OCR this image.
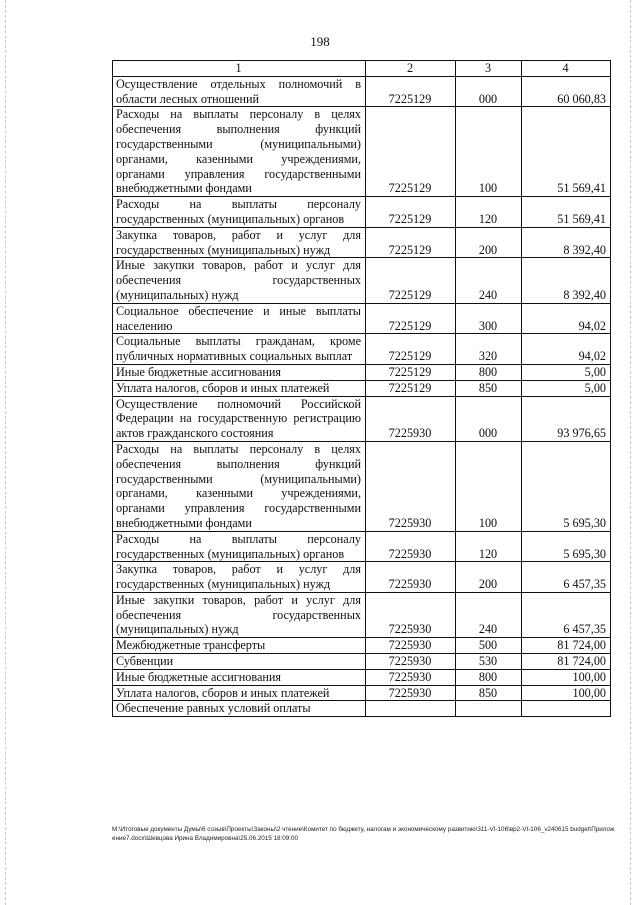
198
1	2	3	4
Осуществление отдельных полномочий в области лесных отношений	7225129	000	60 060,83
Расходы на выплаты персоналу в целях обеспечения выполнения функций государственными (муниципальными) органами, казенными учреждениями, органами управления государственными внебюджетными фондами	7225129	100	51 569,41
Расходы на выплаты персоналу государственных (муниципальных) органов	7225129	120	51 569,41
Закупка товаров, работ и услуг для государственных (муниципальных) нужд	7225129	200	8 392,40
Иные закупки товаров, работ и услуг для обеспечения государственных (муниципальных) нужд	7225129	240	8 392,40
Социальное обеспечение и иные выплаты населению	7225129	300	94,02
Социальные выплаты гражданам, кроме публичных нормативных социальных выплат	7225129	320	94,02
Иные бюджетные ассигнования	7225129	800	5,00
Уплата налогов, сборов и иных платежей	7225129	850	5,00
Осуществление полномочий Российской Федерации на государственную регистрацию актов гражданского состояния	7225930	000	93 976,65
Расходы на выплаты персоналу в целях обеспечения выполнения функций государственными (муниципальными) органами, казенными учреждениями, органами управления государственными внебюджетными фондами	7225930	100	5 695,30
Расходы на выплаты персоналу государственных (муниципальных) органов	7225930	120	5 695,30
Закупка товаров, работ и услуг для государственных (муниципальных) нужд	7225930	200	6 457,35
Иные закупки товаров, работ и услуг для обеспечения государственных (муниципальных) нужд	7225930	240	6 457,35
Межбюджетные трансферты	7225930	500	81 724,00
Субвенции	7225930	530	81 724,00
Иные бюджетные ассигнования	7225930	800	100,00
Уплата налогов, сборов и иных платежей	7225930	850	100,00
Обеспечение равных условий оплаты			
M:\Итоговые документы Думы\6 созыв\Проекты\Законы\2 чтение\Комитет по бюджету, налогам и экономическому развитию\311-VI-106\вр2-VI-106_v240615 budget\Приложение7.docx\Шевцова Ирина Владимировна\25.06.2015 18:09:00
